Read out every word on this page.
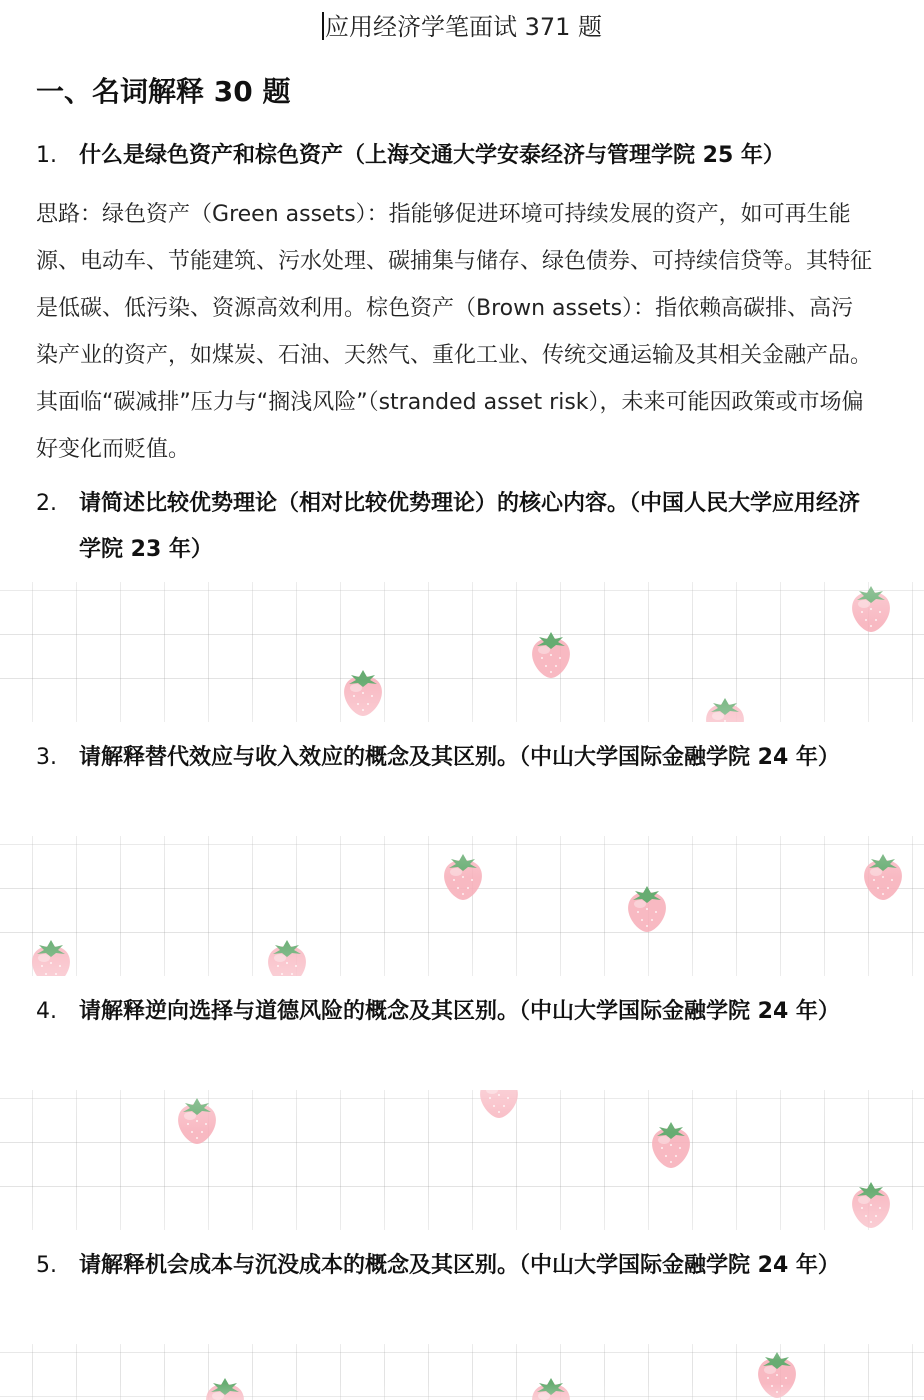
应用经济学笔面试 371 题
一、名词解释 30 题
1.	什么是绿色资产和棕色资产（上海交通大学安泰经济与管理学院 25 年）
思路：绿色资产（Green assets）：指能够促进环境可持续发展的资产，如可再生能源、电动车、节能建筑、污水处理、碳捕集与储存、绿色债券、可持续信贷等。其特征是低碳、低污染、资源高效利用。棕色资产（Brown assets）：指依赖高碳排、高污染产业的资产，如煤炭、石油、天然气、重化工业、传统交通运输及其相关金融产品。其面临“碳减排”压力与“搁浅风险”（stranded asset risk），未来可能因政策或市场偏好变化而贬值。
2.	请简述比较优势理论（相对比较优势理论）的核心内容。（中国人民大学应用经济学院 23 年）
3.	请解释替代效应与收入效应的概念及其区别。（中山大学国际金融学院 24 年）
4.	请解释逆向选择与道德风险的概念及其区别。（中山大学国际金融学院 24 年）
5.	请解释机会成本与沉没成本的概念及其区别。（中山大学国际金融学院 24 年）
